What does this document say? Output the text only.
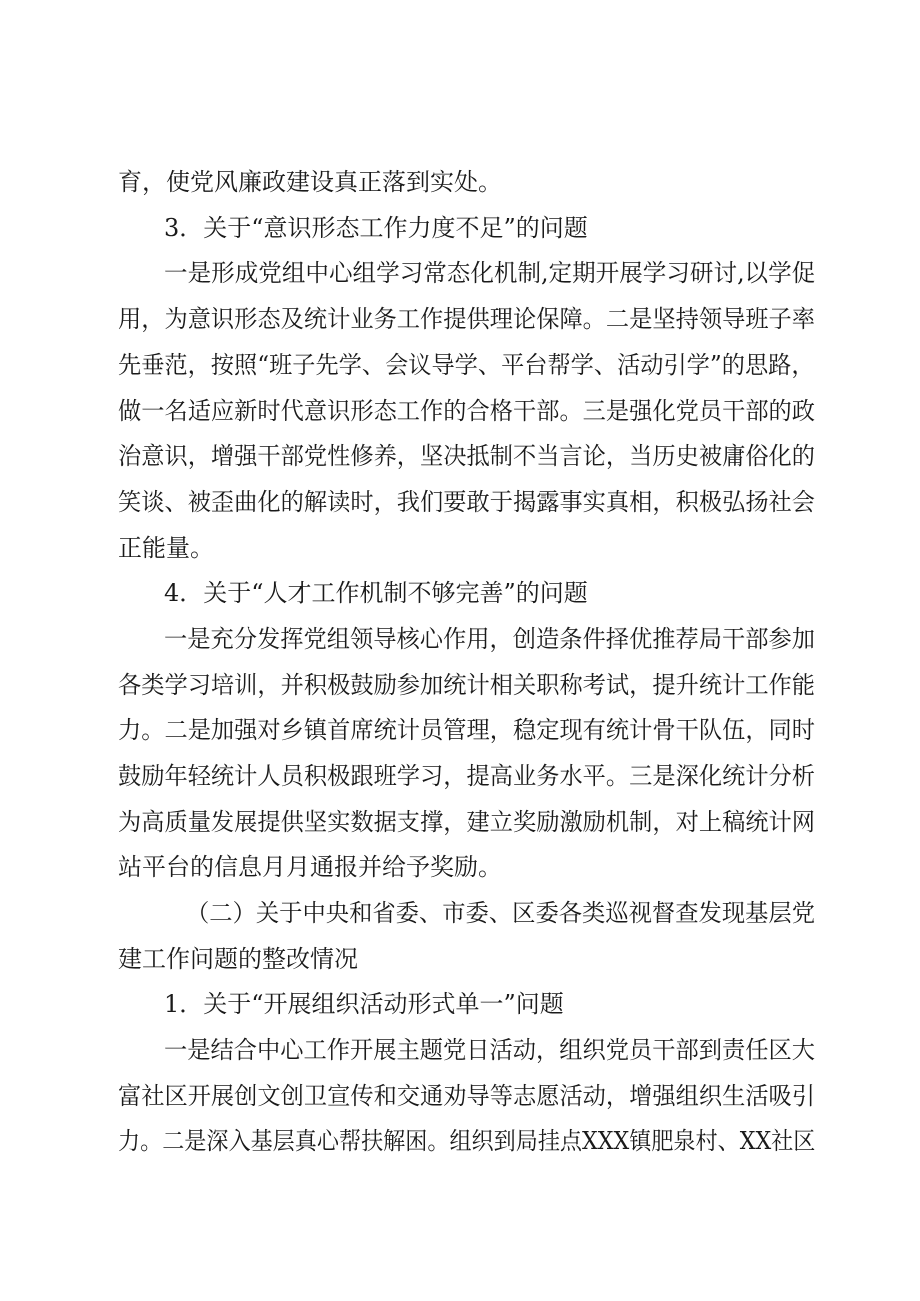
育，使党风廉政建设真正落到实处。
3．关于“意识形态工作力度不足”的问题
一是形成党组中心组学习常态化机制,定期开展学习研讨,以学促
用，为意识形态及统计业务工作提供理论保障。二是坚持领导班子率
先垂范，按照“班子先学、会议导学、平台帮学、活动引学”的思路，
做一名适应新时代意识形态工作的合格干部。三是强化党员干部的政
治意识，增强干部党性修养，坚决抵制不当言论，当历史被庸俗化的
笑谈、被歪曲化的解读时，我们要敢于揭露事实真相，积极弘扬社会
正能量。
4．关于“人才工作机制不够完善”的问题
一是充分发挥党组领导核心作用，创造条件择优推荐局干部参加
各类学习培训，并积极鼓励参加统计相关职称考试，提升统计工作能
力。二是加强对乡镇首席统计员管理，稳定现有统计骨干队伍，同时
鼓励年轻统计人员积极跟班学习，提高业务水平。三是深化统计分析
为高质量发展提供坚实数据支撑，建立奖励激励机制，对上稿统计网
站平台的信息月月通报并给予奖励。
（二）关于中央和省委、市委、区委各类巡视督查发现基层党
建工作问题的整改情况
1．关于“开展组织活动形式单一”问题
一是结合中心工作开展主题党日活动，组织党员干部到责任区大
富社区开展创文创卫宣传和交通劝导等志愿活动，增强组织生活吸引
力。二是深入基层真心帮扶解困。组织到局挂点XXX镇肥泉村、XX社区
